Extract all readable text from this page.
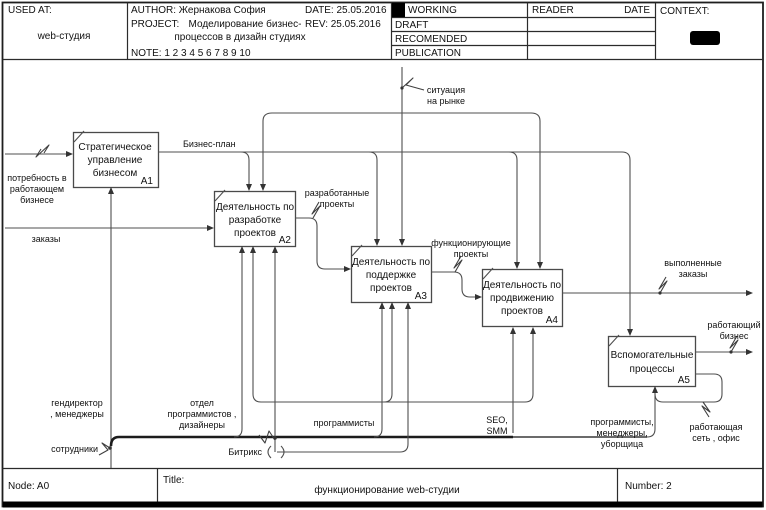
USED AT:
web-студия
AUTHOR: Жернакова София	DATE: 25.05.2016
PROJECT: Моделирование бизнес- REV: 25.05.2016
процессов в дизайн студиях
NOTE: 1 2 3 4 5 6 7 8 9 10
WORKING
DRAFT
RECOMENDED
PUBLICATION
READER	DATE CONTEXT:
Стратегическое
управление
бизнесом
A1
Деятельность по
разработке
проектов
A2
Деятельность по
поддержке
проектов
A3
Деятельность по
продвижению
проектов
A4
Вспомогательные
процессы
A5
потребность в
работающем
бизнесе
заказы
Бизнес-план
ситуация
на рынке
разработанные
проекты
функционирующие
проекты
выполненные
заказы
работающий
бизнес
работающая
сеть , офис
гендиректор
, менеджеры
отдел
программистов ,
дизайнеры	программисты	SEO,
SMM
программисты,
менеджеры,
уборщица
сотрудники	Битрикс
Node: A0
Title:
функционирование web-студии	Number: 2
